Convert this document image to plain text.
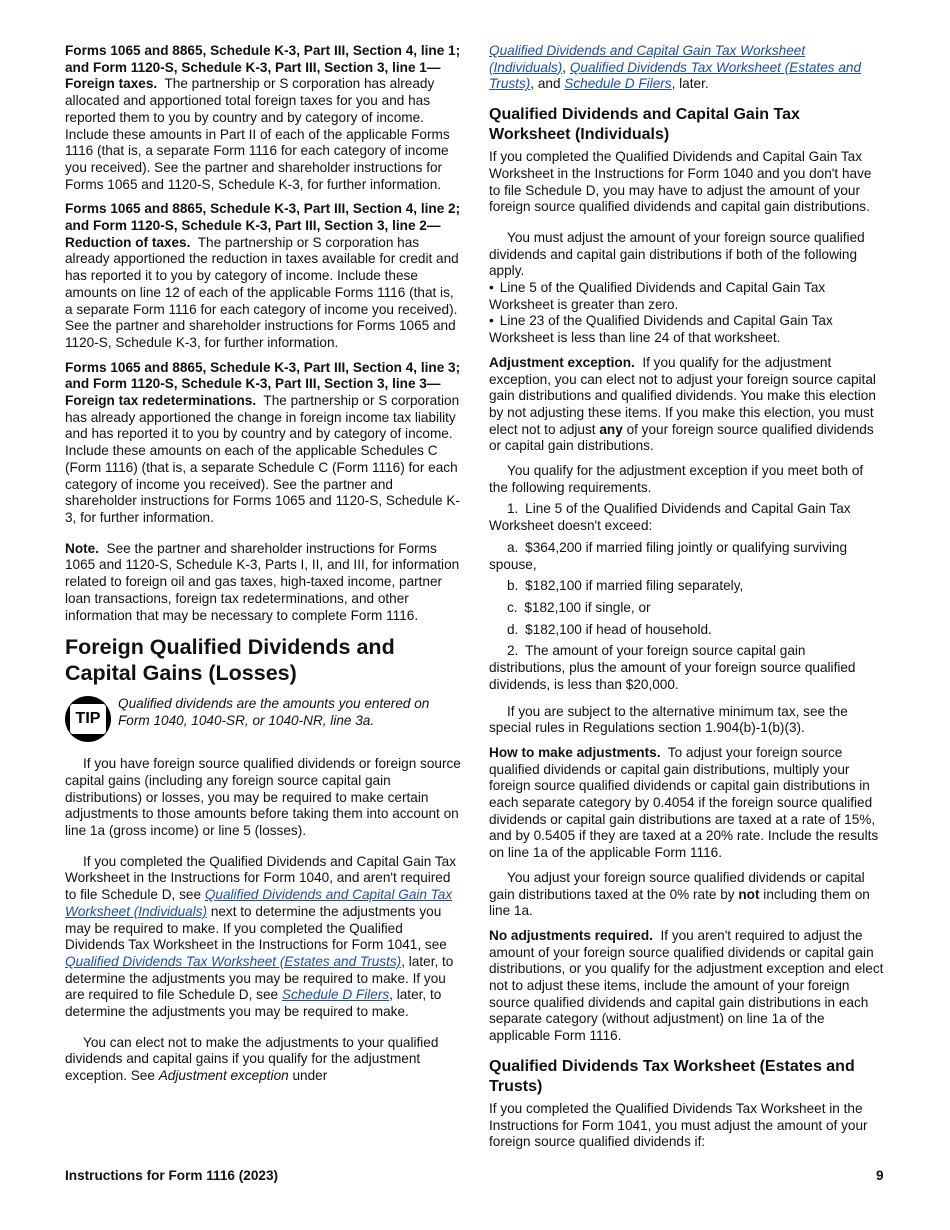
Forms 1065 and 8865, Schedule K-3, Part III, Section 4, line 1; and Form 1120-S, Schedule K-3, Part III, Section 3, line 1—Foreign taxes. The partnership or S corporation has already allocated and apportioned total foreign taxes for you and has reported them to you by country and by category of income. Include these amounts in Part II of each of the applicable Forms 1116 (that is, a separate Form 1116 for each category of income you received). See the partner and shareholder instructions for Forms 1065 and 1120-S, Schedule K-3, for further information.

Forms 1065 and 8865, Schedule K-3, Part III, Section 4, line 2; and Form 1120-S, Schedule K-3, Part III, Section 3, line 2—Reduction of taxes. The partnership or S corporation has already apportioned the reduction in taxes available for credit and has reported it to you by category of income. Include these amounts on line 12 of each of the applicable Forms 1116 (that is, a separate Form 1116 for each category of income you received). See the partner and shareholder instructions for Forms 1065 and 1120-S, Schedule K-3, for further information.

Forms 1065 and 8865, Schedule K-3, Part III, Section 4, line 3; and Form 1120-S, Schedule K-3, Part III, Section 3, line 3—Foreign tax redeterminations. The partnership or S corporation has already apportioned the change in foreign income tax liability and has reported it to you by country and by category of income. Include these amounts on each of the applicable Schedules C (Form 1116) (that is, a separate Schedule C (Form 1116) for each category of income you received). See the partner and shareholder instructions for Forms 1065 and 1120-S, Schedule K-3, for further information.

Note. See the partner and shareholder instructions for Forms 1065 and 1120-S, Schedule K-3, Parts I, II, and III, for information related to foreign oil and gas taxes, high-taxed income, partner loan transactions, foreign tax redeterminations, and other information that may be necessary to complete Form 1116.

Foreign Qualified Dividends and Capital Gains (Losses)
TIP
Qualified dividends are the amounts you entered on Form 1040, 1040-SR, or 1040-NR, line 3a.

If you have foreign source qualified dividends or foreign source capital gains (including any foreign source capital gain distributions) or losses, you may be required to make certain adjustments to those amounts before taking them into account on line 1a (gross income) or line 5 (losses).

If you completed the Qualified Dividends and Capital Gain Tax Worksheet in the Instructions for Form 1040, and aren't required to file Schedule D, see Qualified Dividends and Capital Gain Tax Worksheet (Individuals) next to determine the adjustments you may be required to make. If you completed the Qualified Dividends Tax Worksheet in the Instructions for Form 1041, see Qualified Dividends Tax Worksheet (Estates and Trusts), later, to determine the adjustments you may be required to make. If you are required to file Schedule D, see Schedule D Filers, later, to determine the adjustments you may be required to make.

You can elect not to make the adjustments to your qualified dividends and capital gains if you qualify for the adjustment exception. See Adjustment exception under

Qualified Dividends and Capital Gain Tax Worksheet (Individuals), Qualified Dividends Tax Worksheet (Estates and Trusts), and Schedule D Filers, later.

Qualified Dividends and Capital Gain Tax Worksheet (Individuals)

If you completed the Qualified Dividends and Capital Gain Tax Worksheet in the Instructions for Form 1040 and you don't have to file Schedule D, you may have to adjust the amount of your foreign source qualified dividends and capital gain distributions.

You must adjust the amount of your foreign source qualified dividends and capital gain distributions if both of the following apply.

• Line 5 of the Qualified Dividends and Capital Gain Tax Worksheet is greater than zero.

• Line 23 of the Qualified Dividends and Capital Gain Tax Worksheet is less than line 24 of that worksheet.

Adjustment exception. If you qualify for the adjustment exception, you can elect not to adjust your foreign source capital gain distributions and qualified dividends. You make this election by not adjusting these items. If you make this election, you must elect not to adjust any of your foreign source qualified dividends or capital gain distributions.

You qualify for the adjustment exception if you meet both of the following requirements.

1. Line 5 of the Qualified Dividends and Capital Gain Tax Worksheet doesn't exceed:

a. $364,200 if married filing jointly or qualifying surviving spouse,

b. $182,100 if married filing separately,

c. $182,100 if single, or

d. $182,100 if head of household.

2. The amount of your foreign source capital gain distributions, plus the amount of your foreign source qualified dividends, is less than $20,000.

If you are subject to the alternative minimum tax, see the special rules in Regulations section 1.904(b)-1(b)(3).

How to make adjustments. To adjust your foreign source qualified dividends or capital gain distributions, multiply your foreign source qualified dividends or capital gain distributions in each separate category by 0.4054 if the foreign source qualified dividends or capital gain distributions are taxed at a rate of 15%, and by 0.5405 if they are taxed at a 20% rate. Include the results on line 1a of the applicable Form 1116.

You adjust your foreign source qualified dividends or capital gain distributions taxed at the 0% rate by not including them on line 1a.

No adjustments required. If you aren't required to adjust the amount of your foreign source qualified dividends or capital gain distributions, or you qualify for the adjustment exception and elect not to adjust these items, include the amount of your foreign source qualified dividends and capital gain distributions in each separate category (without adjustment) on line 1a of the applicable Form 1116.

Qualified Dividends Tax Worksheet (Estates and Trusts)

If you completed the Qualified Dividends Tax Worksheet in the Instructions for Form 1041, you must adjust the amount of your foreign source qualified dividends if:

Instructions for Form 1116 (2023)	9
